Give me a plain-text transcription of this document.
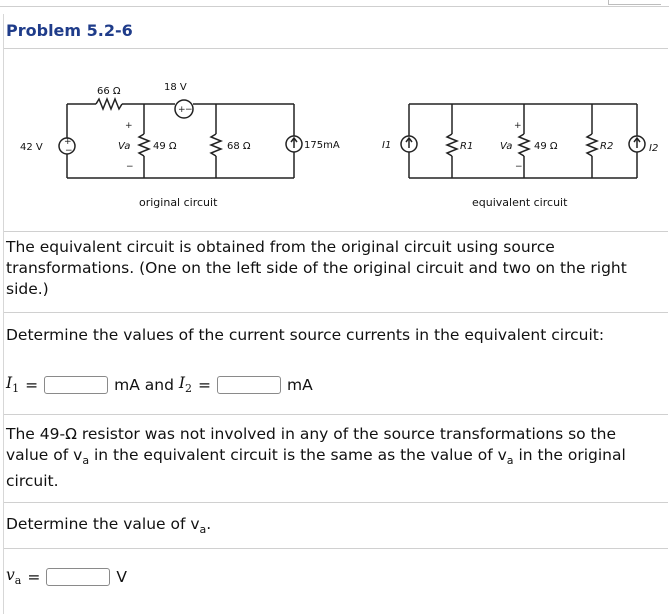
Problem 5.2-6
+
−
+ −
+
−
+
−
66 Ω	18 V
42 V	Va 49 Ω	68 Ω	175mA	I1	R1	Va 49 Ω	R2	I2
original circuit	equivalent circuit

The equivalent circuit is obtained from the original circuit using source transformations. (One on the left side of the original circuit and two on the right side.)

Determine the values of the current source currents in the equivalent circuit:

$I_1$ =	mA and $I_2$ =	mA

The 49-Ω resistor was not involved in any of the source transformations so the value of $v_a$ in the equivalent circuit is the same as the value of $v_a$ in the original circuit.

Determine the value of $v_a$.

$v_a$ =	V
